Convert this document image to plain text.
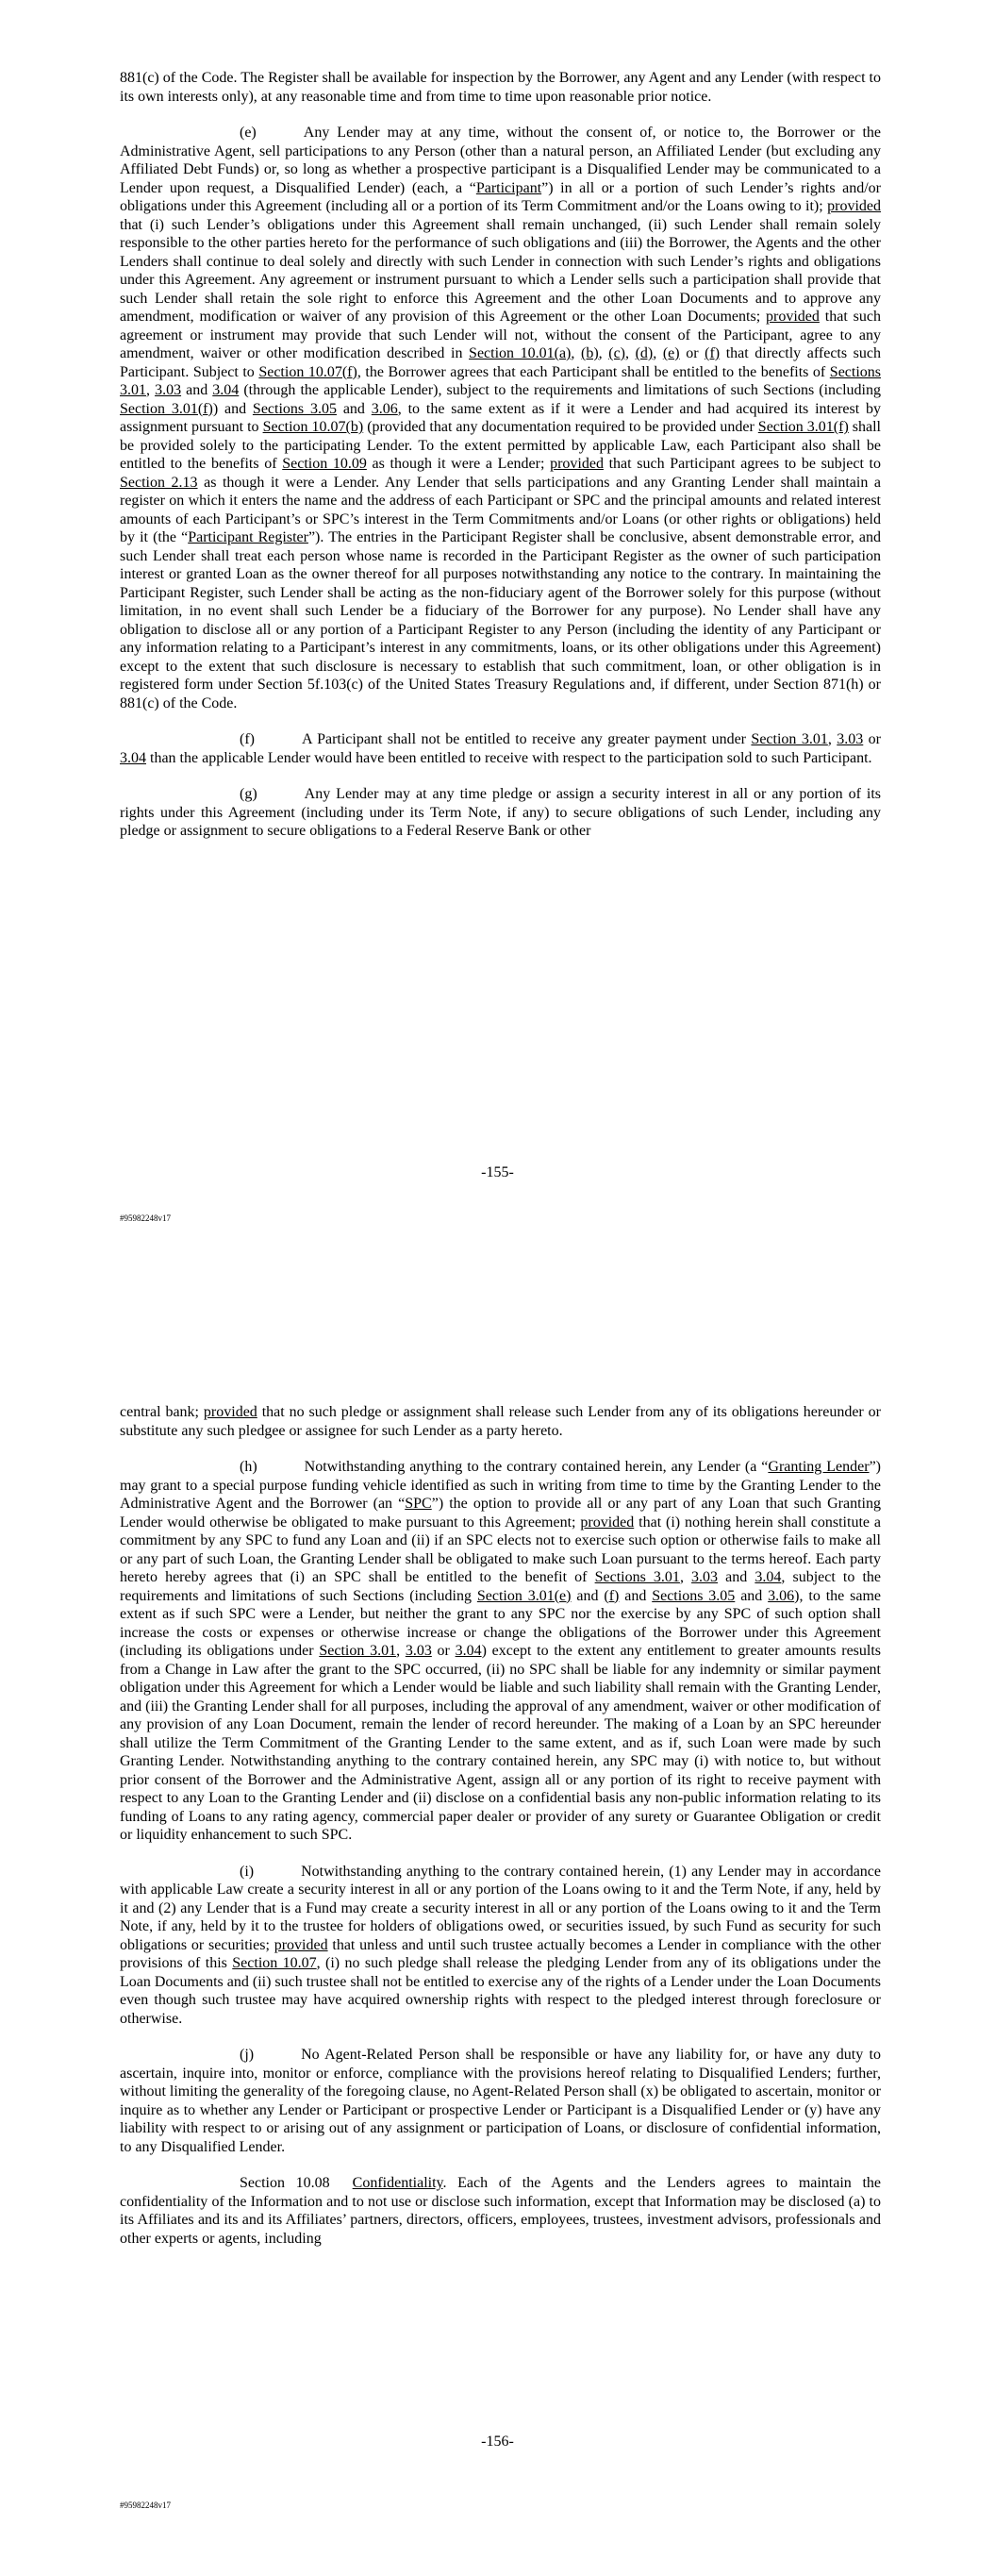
881(c) of the Code. The Register shall be available for inspection by the Borrower, any Agent and any Lender (with respect to its own interests only), at any reasonable time and from time to time upon reasonable prior notice.

(e)	Any Lender may at any time, without the consent of, or notice to, the Borrower or the Administrative Agent, sell participations to any Person (other than a natural person, an Affiliated Lender (but excluding any Affiliated Debt Funds) or, so long as whether a prospective participant is a Disqualified Lender may be communicated to a Lender upon request, a Disqualified Lender) (each, a “Participant”) in all or a portion of such Lender’s rights and/or obligations under this Agreement (including all or a portion of its Term Commitment and/or the Loans owing to it); provided that (i) such Lender’s obligations under this Agreement shall remain unchanged, (ii) such Lender shall remain solely responsible to the other parties hereto for the performance of such obligations and (iii) the Borrower, the Agents and the other Lenders shall continue to deal solely and directly with such Lender in connection with such Lender’s rights and obligations under this Agreement. Any agreement or instrument pursuant to which a Lender sells such a participation shall provide that such Lender shall retain the sole right to enforce this Agreement and the other Loan Documents and to approve any amendment, modification or waiver of any provision of this Agreement or the other Loan Documents; provided that such agreement or instrument may provide that such Lender will not, without the consent of the Participant, agree to any amendment, waiver or other modification described in Section 10.01(a), (b), (c), (d), (e) or (f) that directly affects such Participant. Subject to Section 10.07(f), the Borrower agrees that each Participant shall be entitled to the benefits of Sections 3.01, 3.03 and 3.04 (through the applicable Lender), subject to the requirements and limitations of such Sections (including Section 3.01(f)) and Sections 3.05 and 3.06, to the same extent as if it were a Lender and had acquired its interest by assignment pursuant to Section 10.07(b) (provided that any documentation required to be provided under Section 3.01(f) shall be provided solely to the participating Lender. To the extent permitted by applicable Law, each Participant also shall be entitled to the benefits of Section 10.09 as though it were a Lender; provided that such Participant agrees to be subject to Section 2.13 as though it were a Lender. Any Lender that sells participations and any Granting Lender shall maintain a register on which it enters the name and the address of each Participant or SPC and the principal amounts and related interest amounts of each Participant’s or SPC’s interest in the Term Commitments and/or Loans (or other rights or obligations) held by it (the “Participant Register”). The entries in the Participant Register shall be conclusive, absent demonstrable error, and such Lender shall treat each person whose name is recorded in the Participant Register as the owner of such participation interest or granted Loan as the owner thereof for all purposes notwithstanding any notice to the contrary. In maintaining the Participant Register, such Lender shall be acting as the non-fiduciary agent of the Borrower solely for this purpose (without limitation, in no event shall such Lender be a fiduciary of the Borrower for any purpose). No Lender shall have any obligation to disclose all or any portion of a Participant Register to any Person (including the identity of any Participant or any information relating to a Participant’s interest in any commitments, loans, or its other obligations under this Agreement) except to the extent that such disclosure is necessary to establish that such commitment, loan, or other obligation is in registered form under Section 5f.103(c) of the United States Treasury Regulations and, if different, under Section 871(h) or 881(c) of the Code.

(f)	A Participant shall not be entitled to receive any greater payment under Section 3.01, 3.03 or 3.04 than the applicable Lender would have been entitled to receive with respect to the participation sold to such Participant.

(g)	Any Lender may at any time pledge or assign a security interest in all or any portion of its rights under this Agreement (including under its Term Note, if any) to secure obligations of such Lender, including any pledge or assignment to secure obligations to a Federal Reserve Bank or other

-155-
#95982248v17

central bank; provided that no such pledge or assignment shall release such Lender from any of its obligations hereunder or substitute any such pledgee or assignee for such Lender as a party hereto.

(h)	Notwithstanding anything to the contrary contained herein, any Lender (a “Granting Lender”) may grant to a special purpose funding vehicle identified as such in writing from time to time by the Granting Lender to the Administrative Agent and the Borrower (an “SPC”) the option to provide all or any part of any Loan that such Granting Lender would otherwise be obligated to make pursuant to this Agreement; provided that (i) nothing herein shall constitute a commitment by any SPC to fund any Loan and (ii) if an SPC elects not to exercise such option or otherwise fails to make all or any part of such Loan, the Granting Lender shall be obligated to make such Loan pursuant to the terms hereof. Each party hereto hereby agrees that (i) an SPC shall be entitled to the benefit of Sections 3.01, 3.03 and 3.04, subject to the requirements and limitations of such Sections (including Section 3.01(e) and (f) and Sections 3.05 and 3.06), to the same extent as if such SPC were a Lender, but neither the grant to any SPC nor the exercise by any SPC of such option shall increase the costs or expenses or otherwise increase or change the obligations of the Borrower under this Agreement (including its obligations under Section 3.01, 3.03 or 3.04) except to the extent any entitlement to greater amounts results from a Change in Law after the grant to the SPC occurred, (ii) no SPC shall be liable for any indemnity or similar payment obligation under this Agreement for which a Lender would be liable and such liability shall remain with the Granting Lender, and (iii) the Granting Lender shall for all purposes, including the approval of any amendment, waiver or other modification of any provision of any Loan Document, remain the lender of record hereunder. The making of a Loan by an SPC hereunder shall utilize the Term Commitment of the Granting Lender to the same extent, and as if, such Loan were made by such Granting Lender. Notwithstanding anything to the contrary contained herein, any SPC may (i) with notice to, but without prior consent of the Borrower and the Administrative Agent, assign all or any portion of its right to receive payment with respect to any Loan to the Granting Lender and (ii) disclose on a confidential basis any non-public information relating to its funding of Loans to any rating agency, commercial paper dealer or provider of any surety or Guarantee Obligation or credit or liquidity enhancement to such SPC.

(i)	Notwithstanding anything to the contrary contained herein, (1) any Lender may in accordance with applicable Law create a security interest in all or any portion of the Loans owing to it and the Term Note, if any, held by it and (2) any Lender that is a Fund may create a security interest in all or any portion of the Loans owing to it and the Term Note, if any, held by it to the trustee for holders of obligations owed, or securities issued, by such Fund as security for such obligations or securities; provided that unless and until such trustee actually becomes a Lender in compliance with the other provisions of this Section 10.07, (i) no such pledge shall release the pledging Lender from any of its obligations under the Loan Documents and (ii) such trustee shall not be entitled to exercise any of the rights of a Lender under the Loan Documents even though such trustee may have acquired ownership rights with respect to the pledged interest through foreclosure or otherwise.

(j)	No Agent-Related Person shall be responsible or have any liability for, or have any duty to ascertain, inquire into, monitor or enforce, compliance with the provisions hereof relating to Disqualified Lenders; further, without limiting the generality of the foregoing clause, no Agent-Related Person shall (x) be obligated to ascertain, monitor or inquire as to whether any Lender or Participant or prospective Lender or Participant is a Disqualified Lender or (y) have any liability with respect to or arising out of any assignment or participation of Loans, or disclosure of confidential information, to any Disqualified Lender.

Section 10.08 Confidentiality. Each of the Agents and the Lenders agrees to maintain the confidentiality of the Information and to not use or disclose such information, except that Information may be disclosed (a) to its Affiliates and its and its Affiliates’ partners, directors, officers, employees, trustees, investment advisors, professionals and other experts or agents, including

-156-
#95982248v17
